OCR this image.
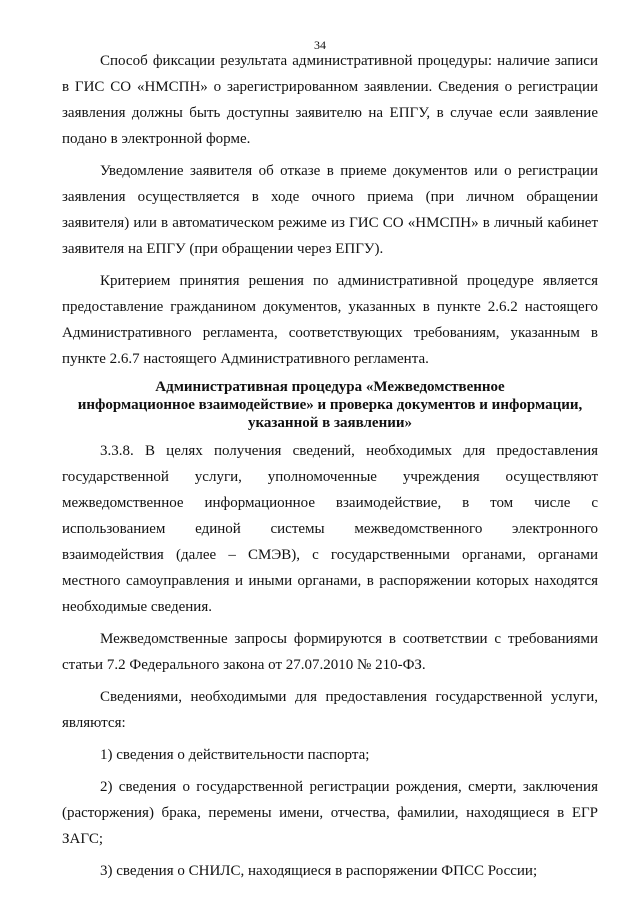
34

Способ фиксации результата административной процедуры: наличие записи в ГИС СО «НМСПН» о зарегистрированном заявлении. Сведения о регистрации заявления должны быть доступны заявителю на ЕПГУ, в случае если заявление подано в электронной форме.

Уведомление заявителя об отказе в приеме документов или о регистрации заявления осуществляется в ходе очного приема (при личном обращении заявителя) или в автоматическом режиме из ГИС СО «НМСПН» в личный кабинет заявителя на ЕПГУ (при обращении через ЕПГУ).

Критерием принятия решения по административной процедуре является предоставление гражданином документов, указанных в пункте 2.6.2 настоящего Административного регламента, соответствующих требованиям, указанным в пункте 2.6.7 настоящего Административного регламента.

Административная процедура «Межведомственное
информационное взаимодействие» и проверка документов и информации,
указанной в заявлении»

3.3.8. В целях получения сведений, необходимых для предоставления государственной услуги, уполномоченные учреждения осуществляют межведомственное информационное взаимодействие, в том числе с использованием единой системы межведомственного электронного взаимодействия (далее – СМЭВ), с государственными органами, органами местного самоуправления и иными органами, в распоряжении которых находятся необходимые сведения.

Межведомственные запросы формируются в соответствии с требованиями статьи 7.2 Федерального закона от 27.07.2010 № 210-ФЗ.

Сведениями, необходимыми для предоставления государственной услуги, являются:

1) сведения о действительности паспорта;

2) сведения о государственной регистрации рождения, смерти, заключения (расторжения) брака, перемены имени, отчества, фамилии, находящиеся в ЕГР ЗАГС;

3) сведения о СНИЛС, находящиеся в распоряжении ФПСС России;
